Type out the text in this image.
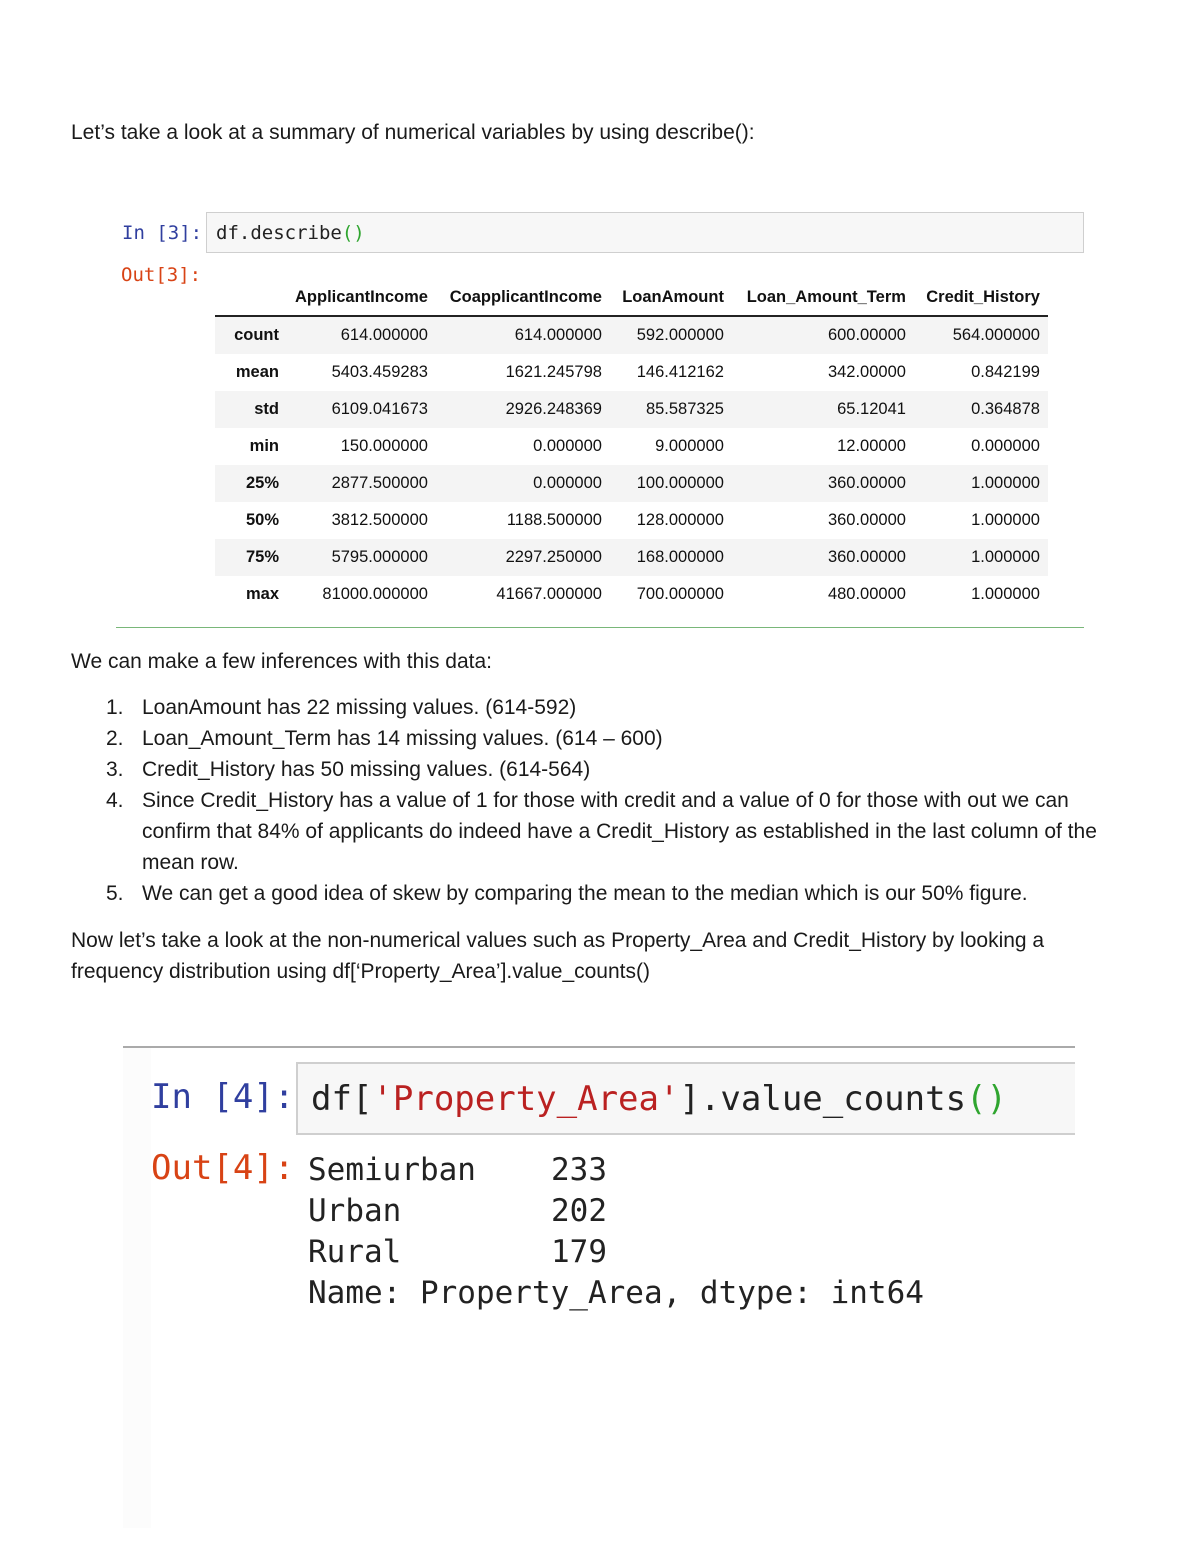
Let’s take a look at a summary of numerical variables by using describe():

In [3]: df.describe()
Out[3]:
	ApplicantIncome	CoapplicantIncome	LoanAmount	Loan_Amount_Term	Credit_History
count	614.000000	614.000000	592.000000	600.00000	564.000000
mean	5403.459283	1621.245798	146.412162	342.00000	0.842199
std	6109.041673	2926.248369	85.587325	65.12041	0.364878
min	150.000000	0.000000	9.000000	12.00000	0.000000
25%	2877.500000	0.000000	100.000000	360.00000	1.000000
50%	3812.500000	1188.500000	128.000000	360.00000	1.000000
75%	5795.000000	2297.250000	168.000000	360.00000	1.000000
max	81000.000000	41667.000000	700.000000	480.00000	1.000000

We can make a few inferences with this data:

1. LoanAmount has 22 missing values. (614-592)
2. Loan_Amount_Term has 14 missing values. (614 – 600)
3. Credit_History has 50 missing values. (614-564)
4. Since Credit_History has a value of 1 for those with credit and a value of 0 for those with out we can confirm that 84% of applicants do indeed have a Credit_History as established in the last column of the mean row.
5. We can get a good idea of skew by comparing the mean to the median which is our 50% figure.

Now let’s take a look at the non-numerical values such as Property_Area and Credit_History by looking a frequency distribution using df[‘Property_Area’].value_counts()

In [4]: df['Property_Area'].value_counts()
Out[4]: Semiurban 233
Urban	202
Rural	179
Name: Property_Area, dtype: int64
